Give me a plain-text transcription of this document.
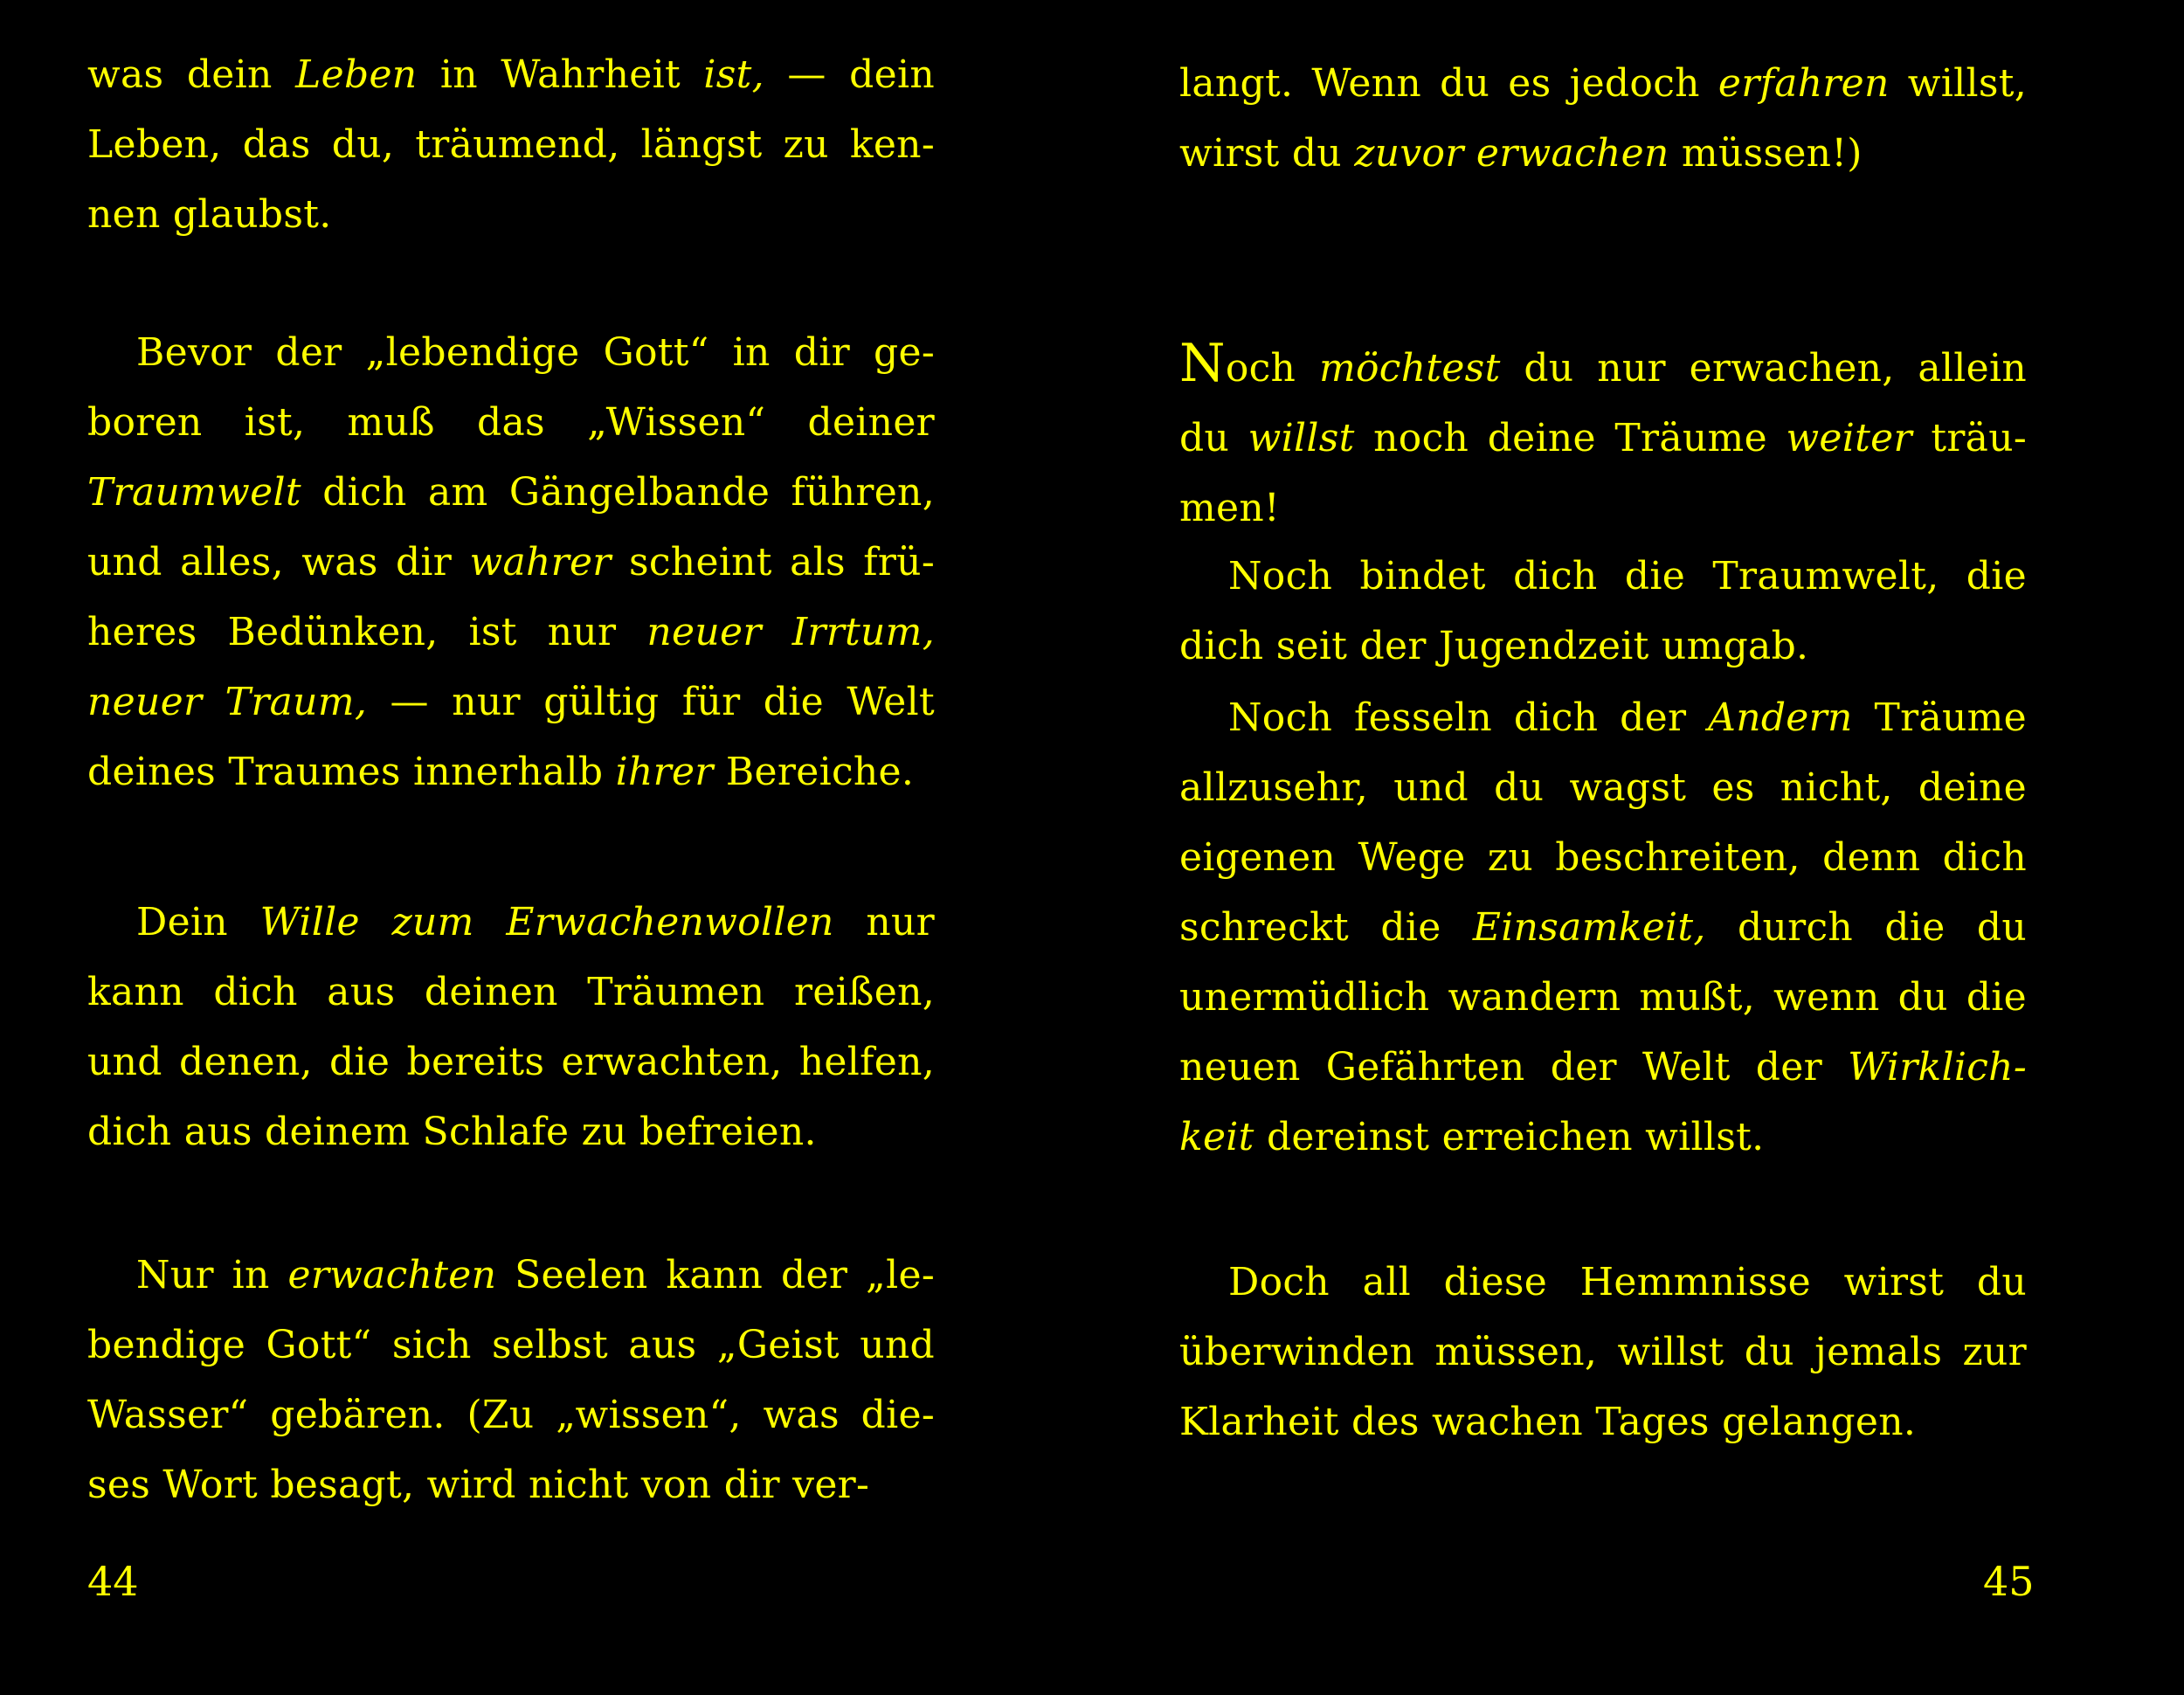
was dein Leben in Wahrheit ist, — dein
Leben, das du, träumend, längst zu ken-
nen glaubst.
Bevor der „lebendige Gott“ in dir ge-
boren ist, muß das „Wissen“ deiner
Traumwelt dich am Gängelbande führen,
und alles, was dir wahrer scheint als frü-
heres Bedünken, ist nur neuer Irrtum,
neuer Traum, — nur gültig für die Welt
deines Traumes innerhalb ihrer Bereiche.
Dein Wille zum Erwachenwollen nur
kann dich aus deinen Träumen reißen,
und denen, die bereits erwachten, helfen,
dich aus deinem Schlafe zu befreien.
Nur in erwachten Seelen kann der „le-
bendige Gott“ sich selbst aus „Geist und
Wasser“ gebären. (Zu „wissen“, was die-
ses Wort besagt, wird nicht von dir ver-
44
langt. Wenn du es jedoch erfahren willst,
wirst du zuvor erwachen müssen!)
Noch möchtest du nur erwachen, allein
du willst noch deine Träume weiter träu-
men!
Noch bindet dich die Traumwelt, die
dich seit der Jugendzeit umgab.
Noch fesseln dich der Andern Träume
allzusehr, und du wagst es nicht, deine
eigenen Wege zu beschreiten, denn dich
schreckt die Einsamkeit, durch die du
unermüdlich wandern mußt, wenn du die
neuen Gefährten der Welt der Wirklich-
keit dereinst erreichen willst.
Doch all diese Hemmnisse wirst du
überwinden müssen, willst du jemals zur
Klarheit des wachen Tages gelangen.
45
